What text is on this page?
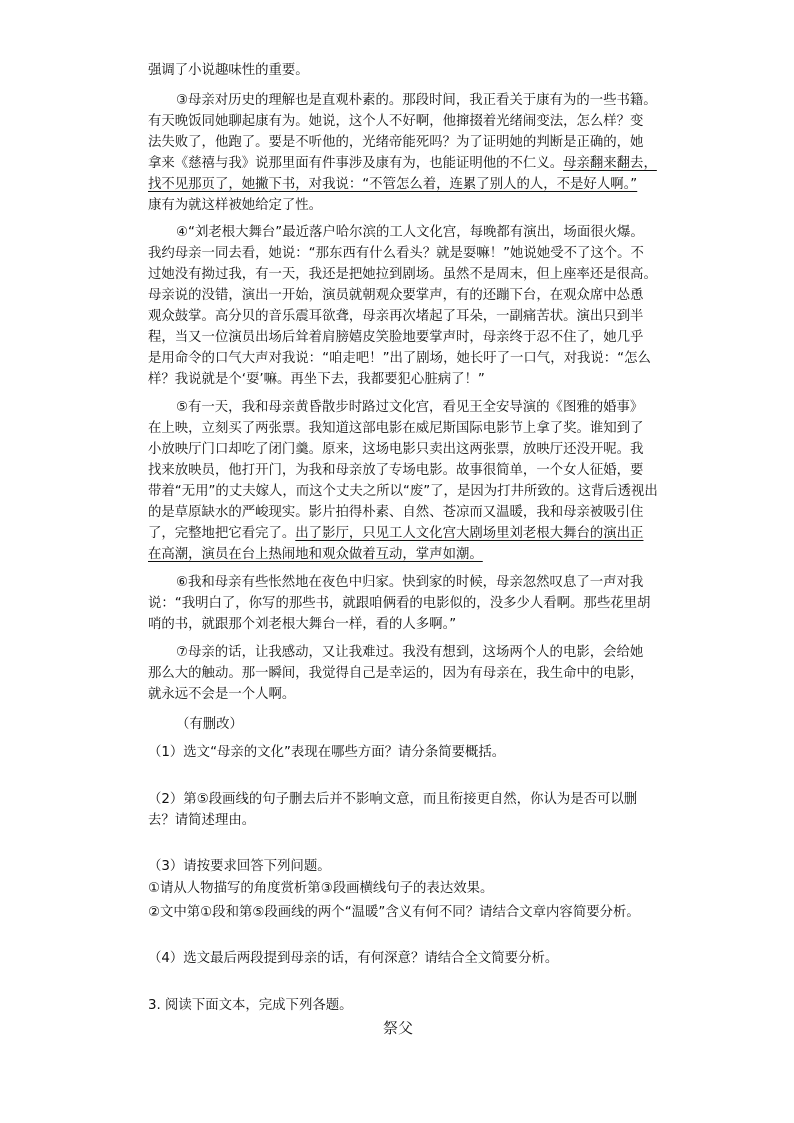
强调了小说趣味性的重要。
③母亲对历史的理解也是直观朴素的。那段时间，我正看关于康有为的一些书籍。
有天晚饭同她聊起康有为。她说，这个人不好啊，他撺掇着光绪闹变法，怎么样？变
法失败了，他跑了。要是不听他的，光绪帝能死吗？为了证明她的判断是正确的，她
拿来《慈禧与我》说那里面有件事涉及康有为，也能证明他的不仁义。母亲翻来翻去，
找不见那页了，她撇下书，对我说：“不管怎么着，连累了别人的人，不是好人啊。”
康有为就这样被她给定了性。
④“刘老根大舞台”最近落户哈尔滨的工人文化宫，每晚都有演出，场面很火爆。
我约母亲一同去看，她说：“那东西有什么看头？就是耍嘛！”她说她受不了这个。不
过她没有拗过我，有一天，我还是把她拉到剧场。虽然不是周末，但上座率还是很高。
母亲说的没错，演出一开始，演员就朝观众要掌声，有的还蹦下台，在观众席中怂恿
观众鼓掌。高分贝的音乐震耳欲聋，母亲再次堵起了耳朵，一副痛苦状。演出只到半
程，当又一位演员出场后耸着肩膀嬉皮笑脸地要掌声时，母亲终于忍不住了，她几乎
是用命令的口气大声对我说：“咱走吧！”出了剧场，她长吁了一口气，对我说：“怎么
样？我说就是个‘耍’嘛。再坐下去，我都要犯心脏病了！”
⑤有一天，我和母亲黄昏散步时路过文化宫，看见王全安导演的《图雅的婚事》
在上映，立刻买了两张票。我知道这部电影在威尼斯国际电影节上拿了奖。谁知到了
小放映厅门口却吃了闭门羹。原来，这场电影只卖出这两张票，放映厅还没开呢。我
找来放映员，他打开门，为我和母亲放了专场电影。故事很简单，一个女人征婚，要
带着“无用”的丈夫嫁人，而这个丈夫之所以“废”了，是因为打井所致的。这背后透视出
的是草原缺水的严峻现实。影片拍得朴素、自然、苍凉而又温暖，我和母亲被吸引住
了，完整地把它看完了。出了影厅，只见工人文化宫大剧场里刘老根大舞台的演出正
在高潮，演员在台上热闹地和观众做着互动，掌声如潮。
⑥我和母亲有些怅然地在夜色中归家。快到家的时候，母亲忽然叹息了一声对我
说：“我明白了，你写的那些书，就跟咱俩看的电影似的，没多少人看啊。那些花里胡
哨的书，就跟那个刘老根大舞台一样，看的人多啊。”
⑦母亲的话，让我感动，又让我难过。我没有想到，这场两个人的电影，会给她
那么大的触动。那一瞬间，我觉得自己是幸运的，因为有母亲在，我生命中的电影，
就永远不会是一个人啊。
（有删改）
（1）选文“母亲的文化”表现在哪些方面？请分条简要概括。
（2）第⑤段画线的句子删去后并不影响文意，而且衔接更自然，你认为是否可以删
去？请简述理由。
（3）请按要求回答下列问题。
①请从人物描写的角度赏析第③段画横线句子的表达效果。
②文中第①段和第⑤段画线的两个“温暖”含义有何不同？请结合文章内容简要分析。
（4）选文最后两段提到母亲的话，有何深意？请结合全文简要分析。
3. 阅读下面文本，完成下列各题。
祭父
